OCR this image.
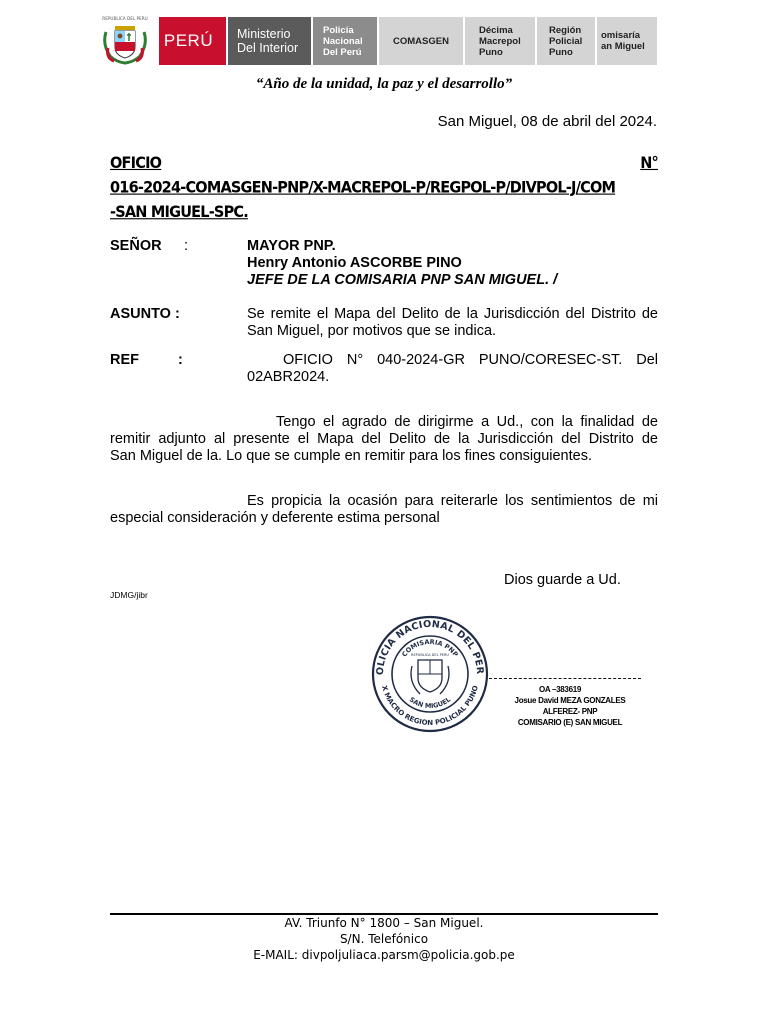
REPUBLICA DEL PERU
PERÚ Ministerio
Del Interior
Policía
Nacional
Del Perú
COMASGEN
Décima
Macrepol
Puno
Región
Policial
Puno
omisaría
an Miguel
“Año de la unidad, la paz y el desarrollo”
San Miguel, 08 de abril del 2024.
OFICIO	N°
016-2024-COMASGEN-PNP/X-MACREPOL-P/REGPOL-P/DIVPOL-J/COM
-SAN MIGUEL-SPC.
SEÑOR :	MAYOR PNP.
Henry Antonio ASCORBE PINO
JEFE DE LA COMISARIA PNP SAN MIGUEL. /
ASUNTO :	Se remite el Mapa del Delito de la Jurisdicción del Distrito de San Miguel, por motivos que se indica.
REF	:	OFICIO N° 040-2024-GR PUNO/CORESEC-ST. Del
02ABR2024.
Tengo el agrado de dirigirme a Ud., con la finalidad de
remitir adjunto al presente el Mapa del Delito de la Jurisdicción del Distrito de
San Miguel de la. Lo que se cumple en remitir para los fines consiguientes.
Es propicia la ocasión para reiterarle los sentimientos de mi
especial consideración y deferente estima personal
Dios guarde a Ud.
JDMG/jibr
OLICIA NACIONAL DEL PER
X MACRO REGION POLICIAL PUNO
COMISARIA PNP
SAN MIGUEL
REPUBLICA DEL PERU
OA –383619
Josue David MEZA GONZALES
ALFEREZ- PNP
COMISARIO (E) SAN MIGUEL
AV. Triunfo N° 1800 – San Miguel.
S/N. Telefónico
E-MAIL: divpoljuliaca.parsm@policia.gob.pe
